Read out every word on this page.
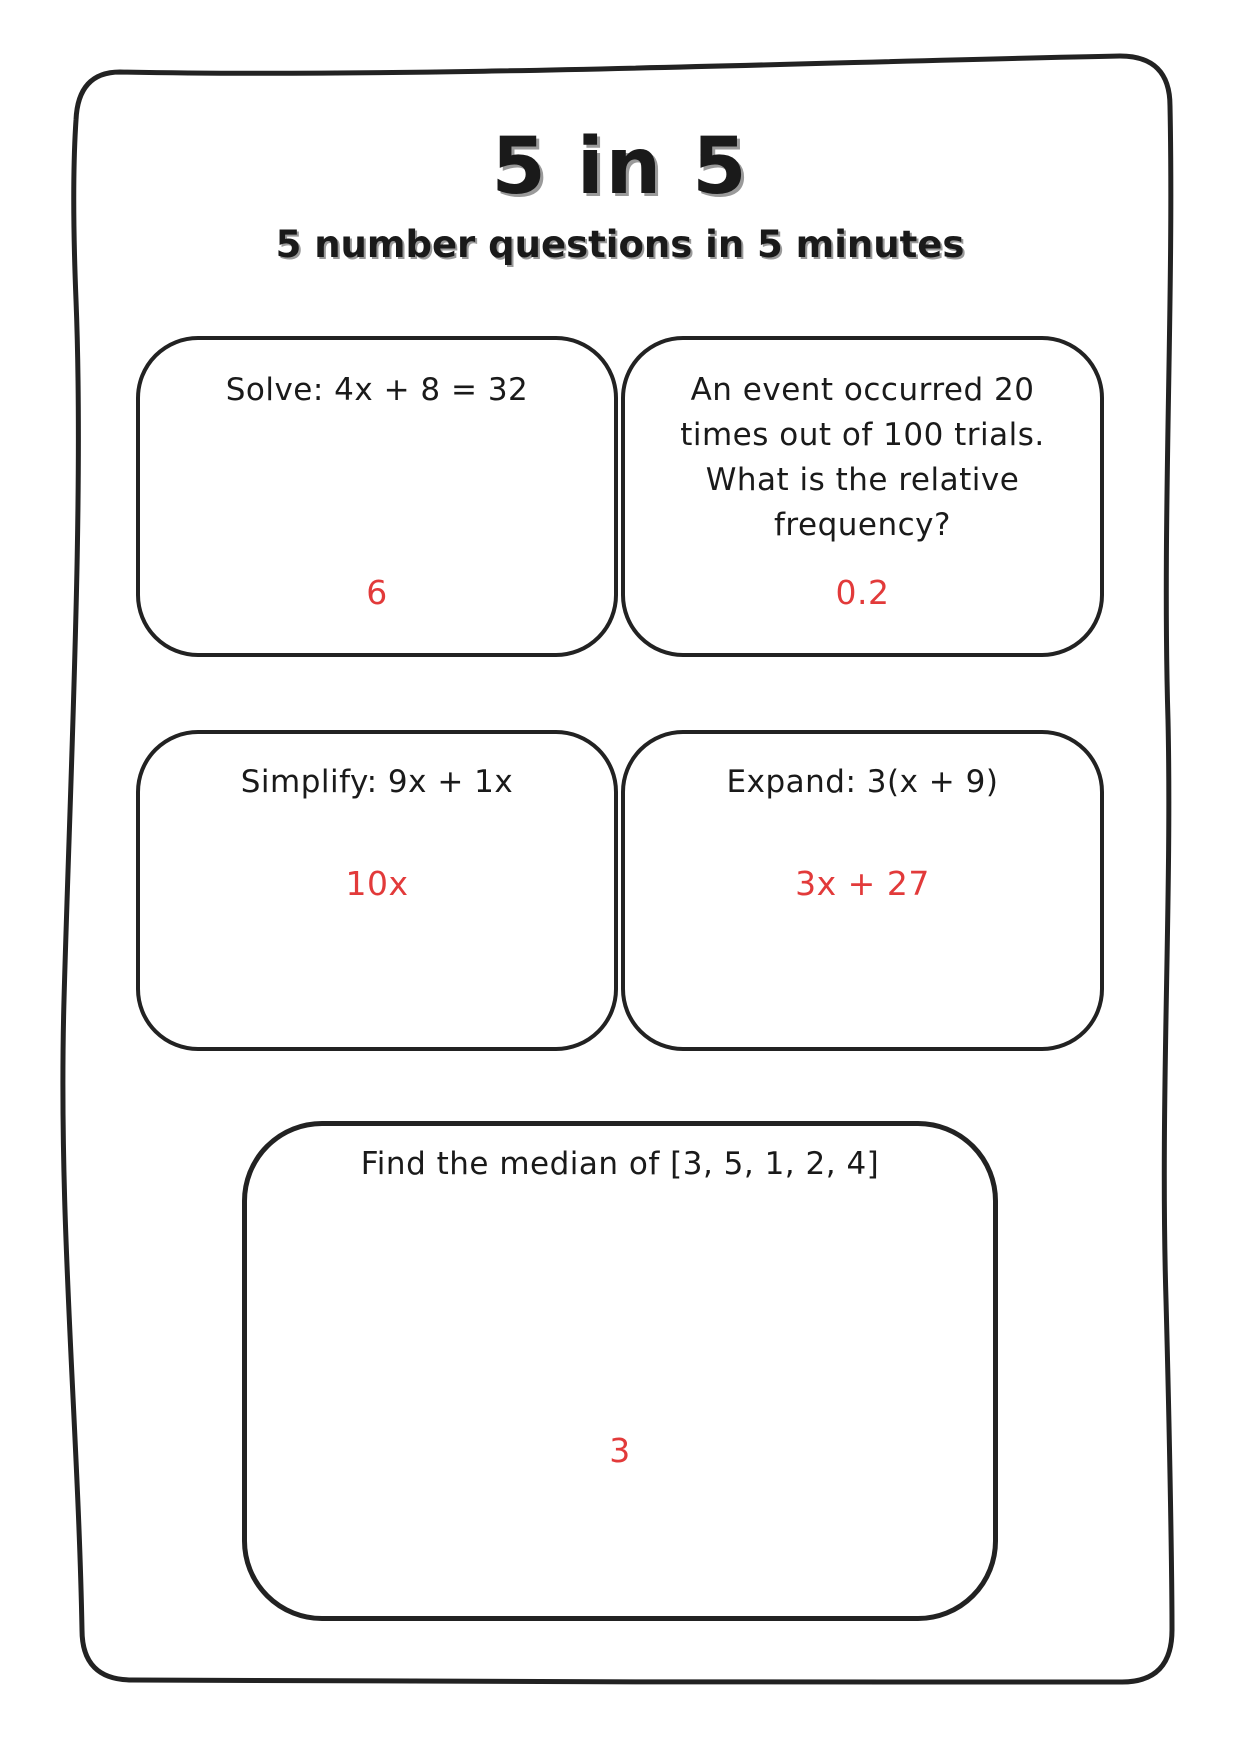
5 in 5
5 number questions in 5 minutes
Solve: 4x + 8 = 32
6
An event occurred 20 times out of 100 trials. What is the relative frequency?
0.2
Simplify: 9x + 1x
10x
Expand: 3(x + 9)
3x + 27
Find the median of [3, 5, 1, 2, 4]
3
